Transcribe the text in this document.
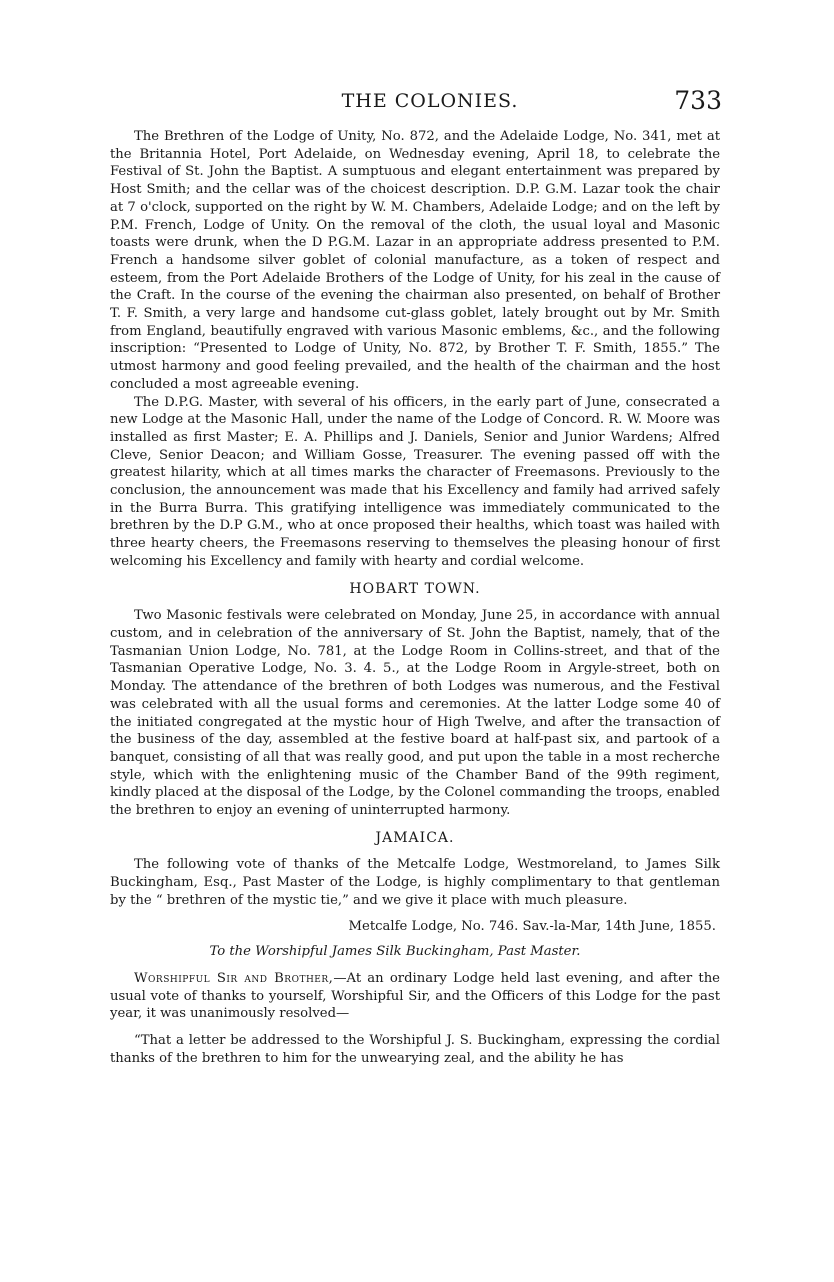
THE COLONIES.	733

The Brethren of the Lodge of Unity, No. 872, and the Adelaide Lodge, No. 341, met at the Britannia Hotel, Port Adelaide, on Wednesday evening, April 18, to celebrate the Festival of St. John the Baptist. A sumptuous and elegant entertainment was prepared by Host Smith; and the cellar was of the choicest description. D.P. G.M. Lazar took the chair at 7 o'clock, supported on the right by W. M. Chambers, Adelaide Lodge; and on the left by P.M. French, Lodge of Unity. On the removal of the cloth, the usual loyal and Masonic toasts were drunk, when the D P.G.M. Lazar in an appropriate address presented to P.M. French a handsome silver goblet of colonial manufacture, as a token of respect and esteem, from the Port Adelaide Brothers of the Lodge of Unity, for his zeal in the cause of the Craft. In the course of the evening the chairman also presented, on behalf of Brother T. F. Smith, a very large and handsome cut-glass goblet, lately brought out by Mr. Smith from England, beautifully engraved with various Masonic emblems, &c., and the following inscription: “Presented to Lodge of Unity, No. 872, by Brother T. F. Smith, 1855.” The utmost harmony and good feeling prevailed, and the health of the chairman and the host concluded a most agreeable evening.

The D.P.G. Master, with several of his officers, in the early part of June, consecrated a new Lodge at the Masonic Hall, under the name of the Lodge of Concord. R. W. Moore was installed as first Master; E. A. Phillips and J. Daniels, Senior and Junior Wardens; Alfred Cleve, Senior Deacon; and William Gosse, Treasurer. The evening passed off with the greatest hilarity, which at all times marks the character of Freemasons. Previously to the conclusion, the announcement was made that his Excellency and family had arrived safely in the Burra Burra. This gratifying intelligence was immediately communicated to the brethren by the D.P G.M., who at once proposed their healths, which toast was hailed with three hearty cheers, the Freemasons reserving to themselves the pleasing honour of first welcoming his Excellency and family with hearty and cordial welcome.

HOBART TOWN.

Two Masonic festivals were celebrated on Monday, June 25, in accordance with annual custom, and in celebration of the anniversary of St. John the Baptist, namely, that of the Tasmanian Union Lodge, No. 781, at the Lodge Room in Collins-street, and that of the Tasmanian Operative Lodge, No. 3. 4. 5., at the Lodge Room in Argyle-street, both on Monday. The attendance of the brethren of both Lodges was numerous, and the Festival was celebrated with all the usual forms and ceremonies. At the latter Lodge some 40 of the initiated congregated at the mystic hour of High Twelve, and after the transaction of the business of the day, assembled at the festive board at half-past six, and partook of a banquet, consisting of all that was really good, and put upon the table in a most recherche style, which with the enlightening music of the Chamber Band of the 99th regiment, kindly placed at the disposal of the Lodge, by the Colonel commanding the troops, enabled the brethren to enjoy an evening of uninterrupted harmony.

JAMAICA.

The following vote of thanks of the Metcalfe Lodge, Westmoreland, to James Silk Buckingham, Esq., Past Master of the Lodge, is highly complimentary to that gentleman by the “ brethren of the mystic tie,” and we give it place with much pleasure.

Metcalfe Lodge, No. 746. Sav.-la-Mar, 14th June, 1855.
To the Worshipful James Silk Buckingham, Past Master.

Worshipful Sir and Brother,—At an ordinary Lodge held last evening, and after the usual vote of thanks to yourself, Worshipful Sir, and the Officers of this Lodge for the past year, it was unanimously resolved—

“That a letter be addressed to the Worshipful J. S. Buckingham, expressing the cordial thanks of the brethren to him for the unwearying zeal, and the ability he has
